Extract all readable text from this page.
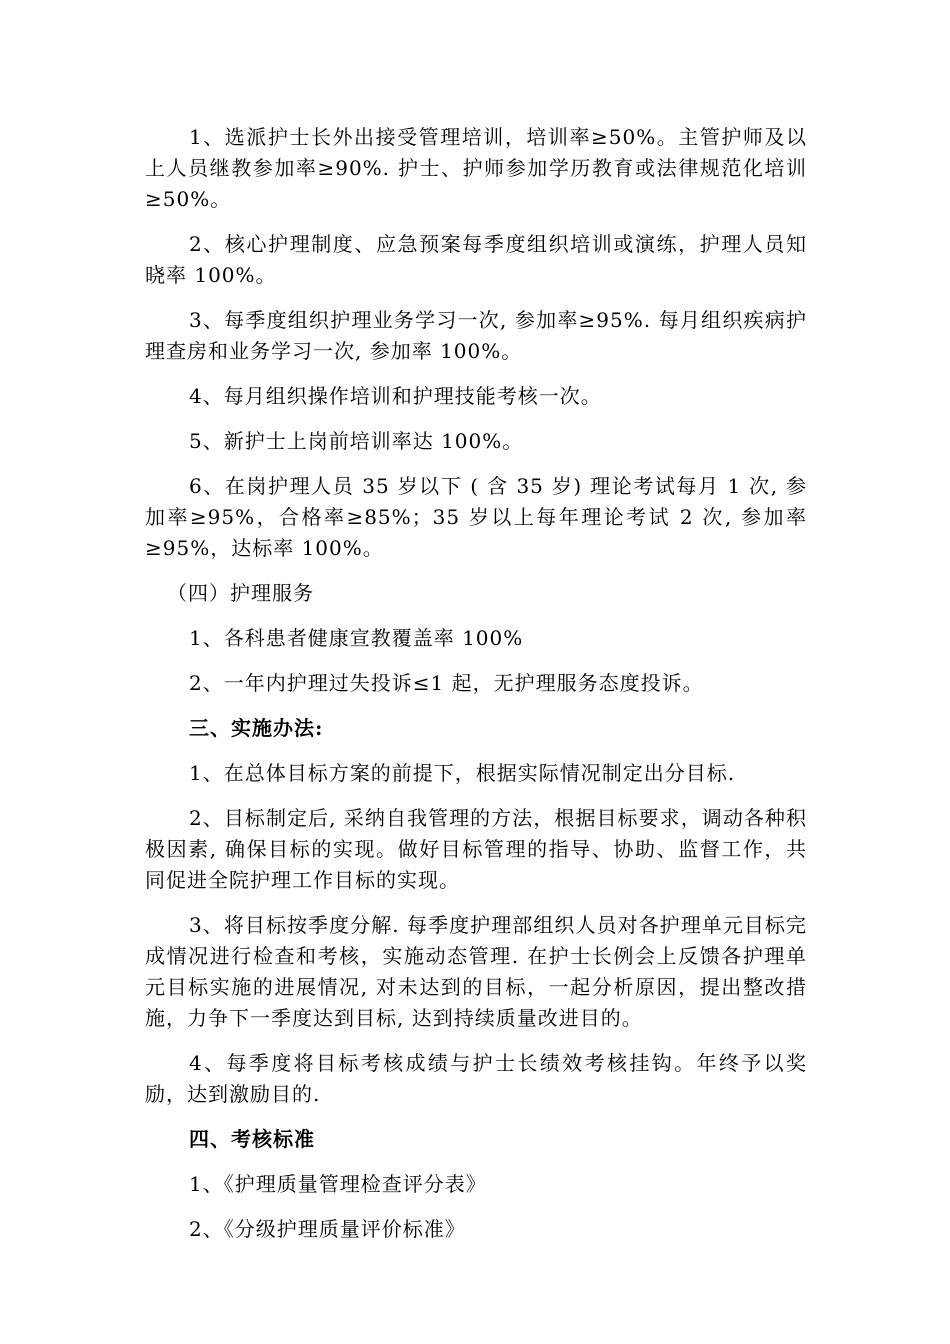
1、选派护士长外出接受管理培训，培训率≥50%。主管护师及以上人员继教参加率≥90%. 护士、护师参加学历教育或法律规范化培训≥50%。

2、核心护理制度、应急预案每季度组织培训或演练，护理人员知晓率 100%。

3、每季度组织护理业务学习一次, 参加率≥95%. 每月组织疾病护理查房和业务学习一次, 参加率 100%。

4、每月组织操作培训和护理技能考核一次。

5、新护士上岗前培训率达 100%。

6、在岗护理人员 35 岁以下 ( 含 35 岁) 理论考试每月 1 次, 参加率≥95%，合格率≥85%；35 岁以上每年理论考试 2 次, 参加率≥95%，达标率 100%。

（四）护理服务

1、各科患者健康宣教覆盖率 100%

2、一年内护理过失投诉≤1 起，无护理服务态度投诉。

三、实施办法:

1、在总体目标方案的前提下，根据实际情况制定出分目标.

2、目标制定后, 采纳自我管理的方法，根据目标要求，调动各种积极因素, 确保目标的实现。做好目标管理的指导、协助、监督工作，共同促进全院护理工作目标的实现。

3、将目标按季度分解. 每季度护理部组织人员对各护理单元目标完成情况进行检查和考核，实施动态管理. 在护士长例会上反馈各护理单元目标实施的进展情况, 对未达到的目标，一起分析原因，提出整改措施，力争下一季度达到目标, 达到持续质量改进目的。

4、每季度将目标考核成绩与护士长绩效考核挂钩。年终予以奖励，达到激励目的.

四、考核标准

1、《护理质量管理检查评分表》

2、《分级护理质量评价标准》
